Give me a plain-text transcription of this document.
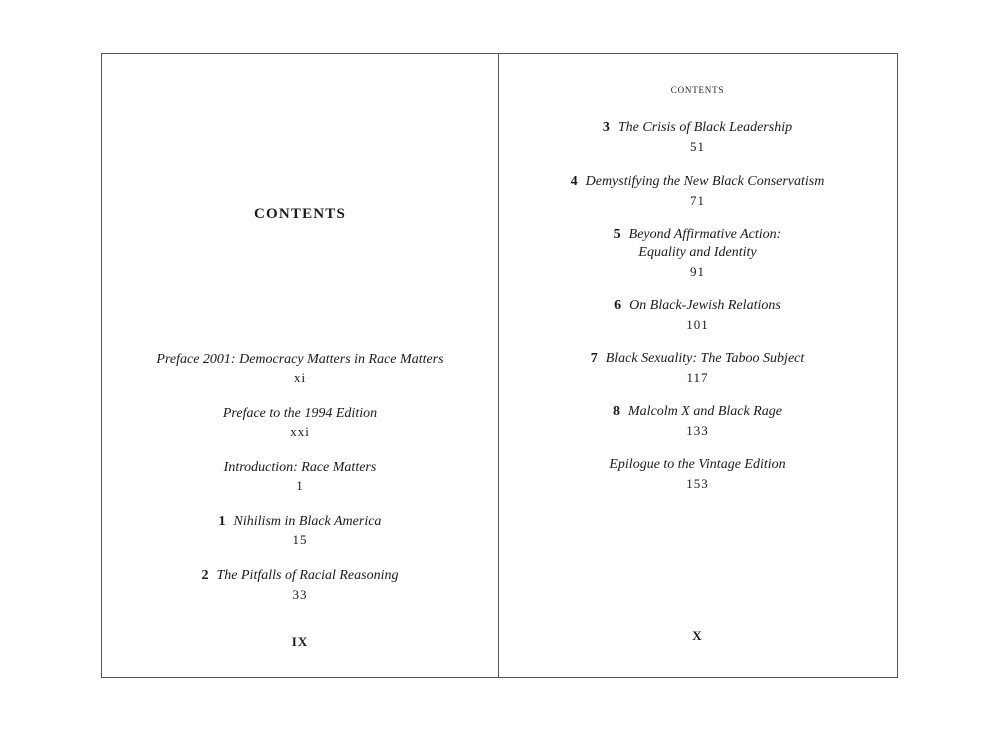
CONTENTS
Preface 2001: Democracy Matters in Race Matters
xi
Preface to the 1994 Edition
xxi
Introduction: Race Matters
1
1 Nihilism in Black America
15
2 The Pitfalls of Racial Reasoning
33
IX
CONTENTS
3 The Crisis of Black Leadership
51
4 Demystifying the New Black Conservatism
71
5 Beyond Affirmative Action:
Equality and Identity
91
6 On Black-Jewish Relations
101
7 Black Sexuality: The Taboo Subject
117
8 Malcolm X and Black Rage
133
Epilogue to the Vintage Edition
153
X
